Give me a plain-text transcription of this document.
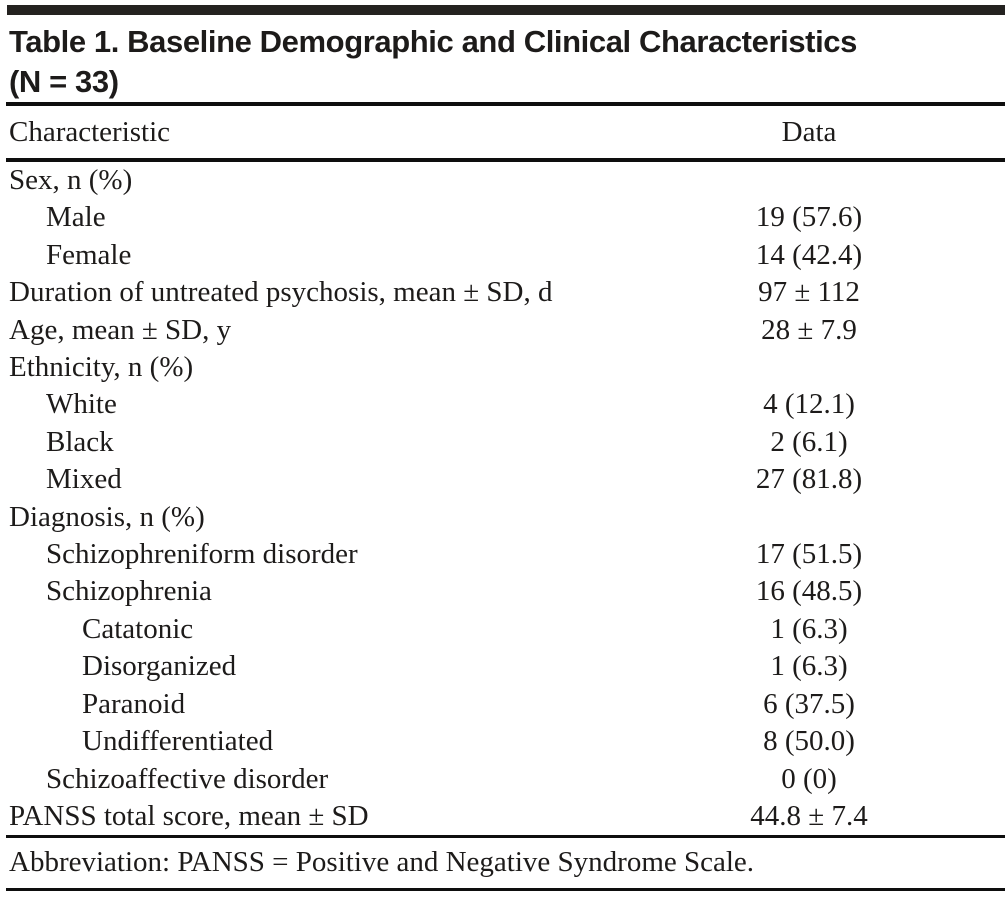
Table 1. Baseline Demographic and Clinical Characteristics
(N = 33)
Characteristic	Data
Sex, n (%)	
Male	19 (57.6)
Female	14 (42.4)
Duration of untreated psychosis, mean ± SD, d	97 ± 112
Age, mean ± SD, y	28 ± 7.9
Ethnicity, n (%)	
White	4 (12.1)
Black	2 (6.1)
Mixed	27 (81.8)
Diagnosis, n (%)	
Schizophreniform disorder	17 (51.5)
Schizophrenia	16 (48.5)
Catatonic	1 (6.3)
Disorganized	1 (6.3)
Paranoid	6 (37.5)
Undifferentiated	8 (50.0)
Schizoaffective disorder	0 (0)
PANSS total score, mean ± SD	44.8 ± 7.4
Abbreviation: PANSS = Positive and Negative Syndrome Scale.
